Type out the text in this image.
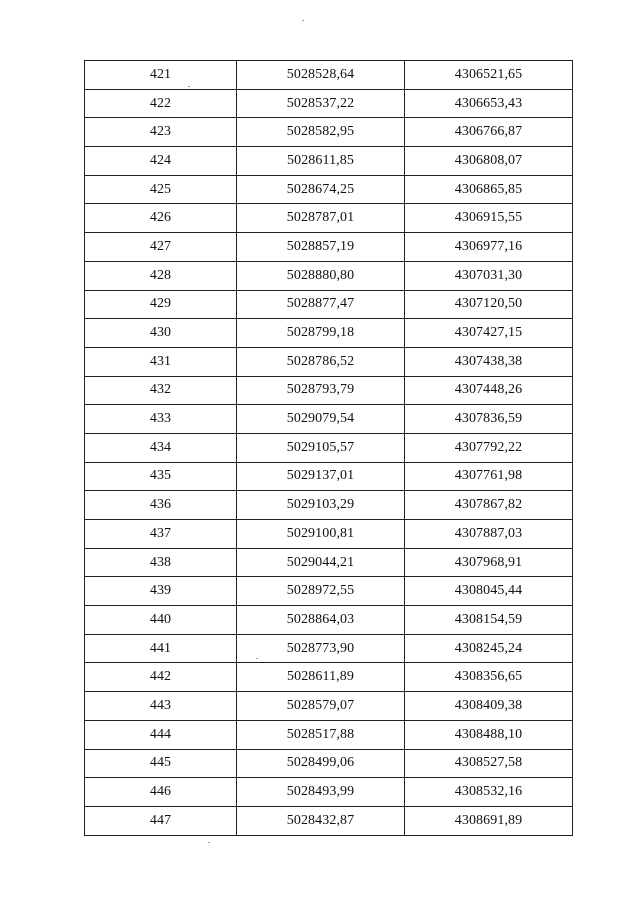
421	5028528,64	4306521,65
422	5028537,22	4306653,43
423	5028582,95	4306766,87
424	5028611,85	4306808,07
425	5028674,25	4306865,85
426	5028787,01	4306915,55
427	5028857,19	4306977,16
428	5028880,80	4307031,30
429	5028877,47	4307120,50
430	5028799,18	4307427,15
431	5028786,52	4307438,38
432	5028793,79	4307448,26
433	5029079,54	4307836,59
434	5029105,57	4307792,22
435	5029137,01	4307761,98
436	5029103,29	4307867,82
437	5029100,81	4307887,03
438	5029044,21	4307968,91
439	5028972,55	4308045,44
440	5028864,03	4308154,59
441	5028773,90	4308245,24
442	5028611,89	4308356,65
443	5028579,07	4308409,38
444	5028517,88	4308488,10
445	5028499,06	4308527,58
446	5028493,99	4308532,16
447	5028432,87	4308691,89
